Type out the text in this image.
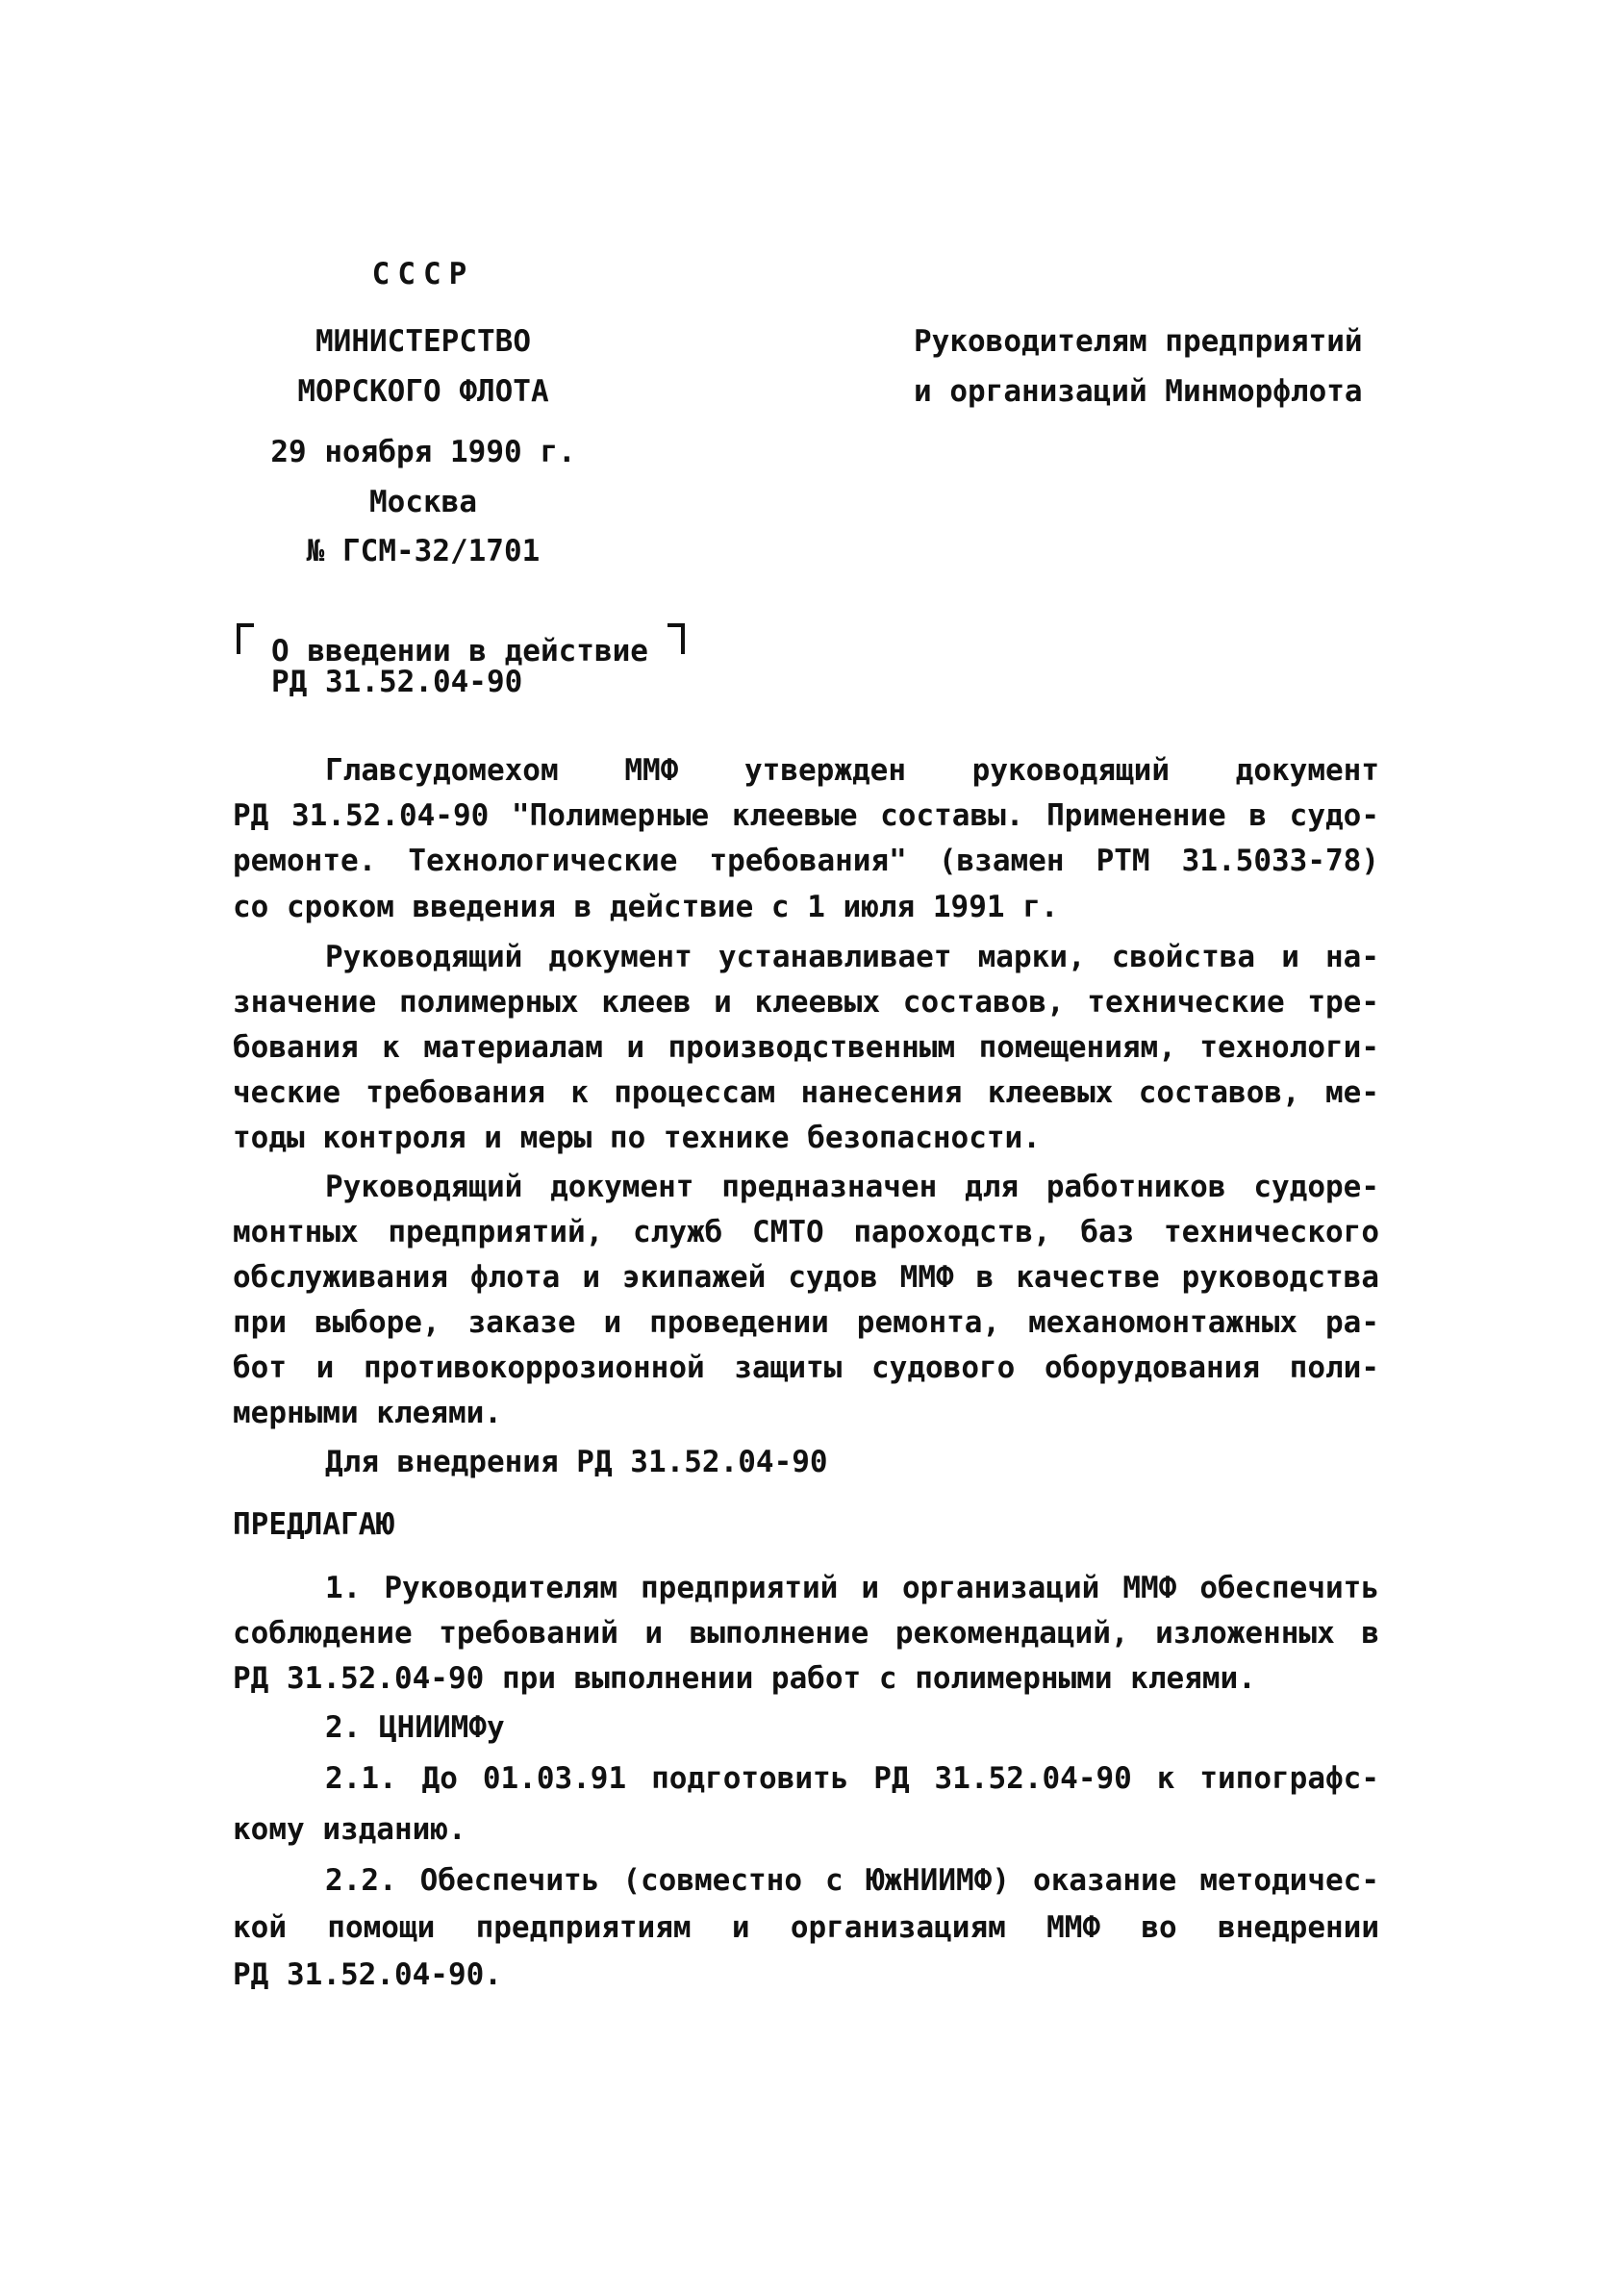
СССР
МИНИСТЕРСТВО
МОРСКОГО ФЛОТА
29 ноября 1990 г.
Москва
№ ГСМ-32/1701
Руководителям предприятий
и организаций Минморфлота
О введении в действие
РД 31.52.04-90
Главсудомехом ММФ утвержден руководящий документ
РД 31.52.04-90 "Полимерные клеевые составы. Применение в судо-
ремонте. Технологические требования" (взамен РТМ 31.5033-78)
со сроком введения в действие с 1 июля 1991 г.
Руководящий документ устанавливает марки, свойства и на-
значение полимерных клеев и клеевых составов, технические тре-
бования к материалам и производственным помещениям, технологи-
ческие требования к процессам нанесения клеевых составов, ме-
тоды контроля и меры по технике безопасности.
Руководящий документ предназначен для работников судоре-
монтных предприятий, служб СМТО пароходств, баз технического
обслуживания флота и экипажей судов ММФ в качестве руководства
при выборе, заказе и проведении ремонта, механомонтажных ра-
бот и противокоррозионной защиты судового оборудования поли-
мерными клеями.
Для внедрения РД 31.52.04-90
ПРЕДЛАГАЮ
1. Руководителям предприятий и организаций ММФ обеспечить
соблюдение требований и выполнение рекомендаций, изложенных в
РД 31.52.04-90 при выполнении работ с полимерными клеями.
2. ЦНИИМФу
2.1. До 01.03.91 подготовить РД 31.52.04-90 к типографс-
кому изданию.
2.2. Обеспечить (совместно с ЮжНИИМФ) оказание методичес-
кой помощи предприятиям и организациям ММФ во внедрении
РД 31.52.04-90.
